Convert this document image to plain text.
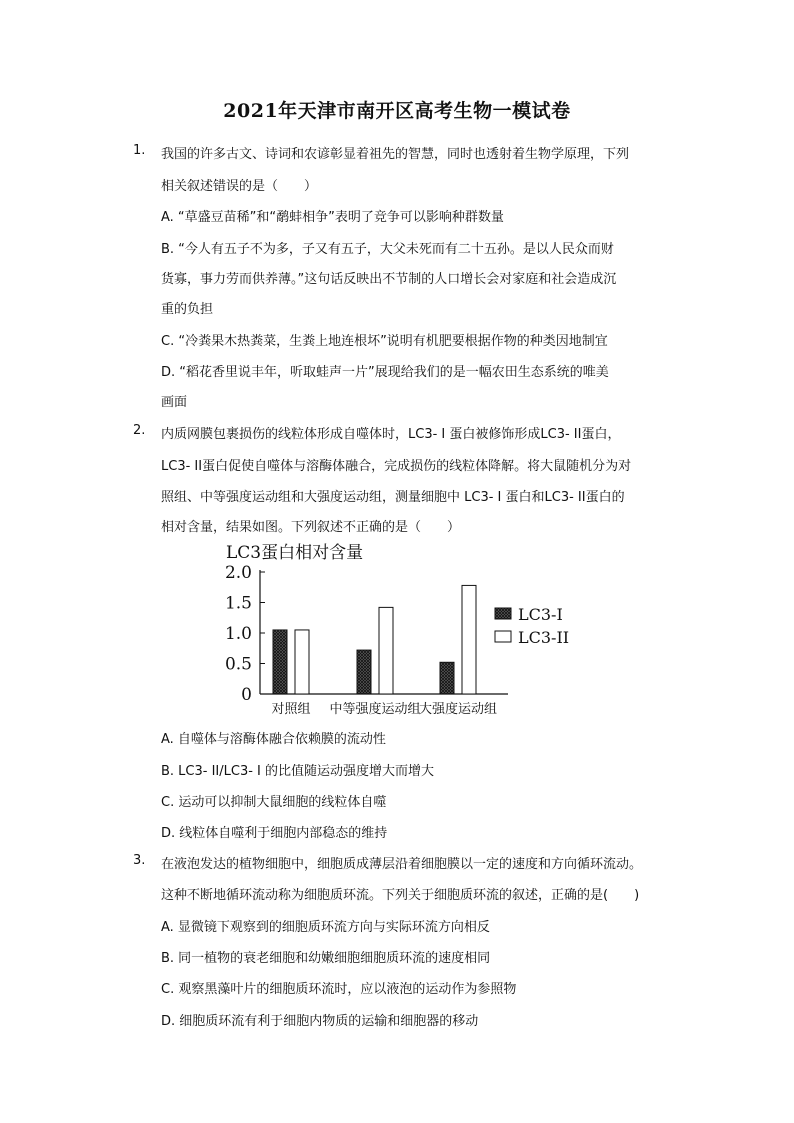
2021年天津市南开区高考生物一模试卷
1. 我国的许多古文、诗词和农谚彰显着祖先的智慧，同时也透射着生物学原理，下列
相关叙述错误的是（　　）
A. “草盛豆苗稀”和“鹬蚌相争”表明了竞争可以影响种群数量
B. “今人有五子不为多，子又有五子，大父未死而有二十五孙。是以人民众而财
货寡，事力劳而供养薄。”这句话反映出不节制的人口增长会对家庭和社会造成沉
重的负担
C. “冷粪果木热粪菜，生粪上地连根坏”说明有机肥要根据作物的种类因地制宜
D. “稻花香里说丰年，听取蛙声一片”展现给我们的是一幅农田生态系统的唯美
画面
2. 内质网膜包裹损伤的线粒体形成自噬体时，LC3- I 蛋白被修饰形成LC3- II蛋白，
LC3- II蛋白促使自噬体与溶酶体融合，完成损伤的线粒体降解。将大鼠随机分为对
照组、中等强度运动组和大强度运动组，测量细胞中 LC3- I 蛋白和LC3- II蛋白的
相对含量，结果如图。下列叙述不正确的是（　　）
LC3蛋白相对含量
0
0.5
1.0
1.5
2.0
对照组 中等强度运动组
大强度运动组
LC3-I
LC3-II
A. 自噬体与溶酶体融合依赖膜的流动性
B. LC3- II/LC3- I 的比值随运动强度增大而增大
C. 运动可以抑制大鼠细胞的线粒体自噬
D. 线粒体自噬利于细胞内部稳态的维持
3. 在液泡发达的植物细胞中，细胞质成薄层沿着细胞膜以一定的速度和方向循环流动。
这种不断地循环流动称为细胞质环流。下列关于细胞质环流的叙述，正确的是(　　)
A. 显微镜下观察到的细胞质环流方向与实际环流方向相反
B. 同一植物的衰老细胞和幼嫩细胞细胞质环流的速度相同
C. 观察黑藻叶片的细胞质环流时，应以液泡的运动作为参照物
D. 细胞质环流有利于细胞内物质的运输和细胞器的移动
